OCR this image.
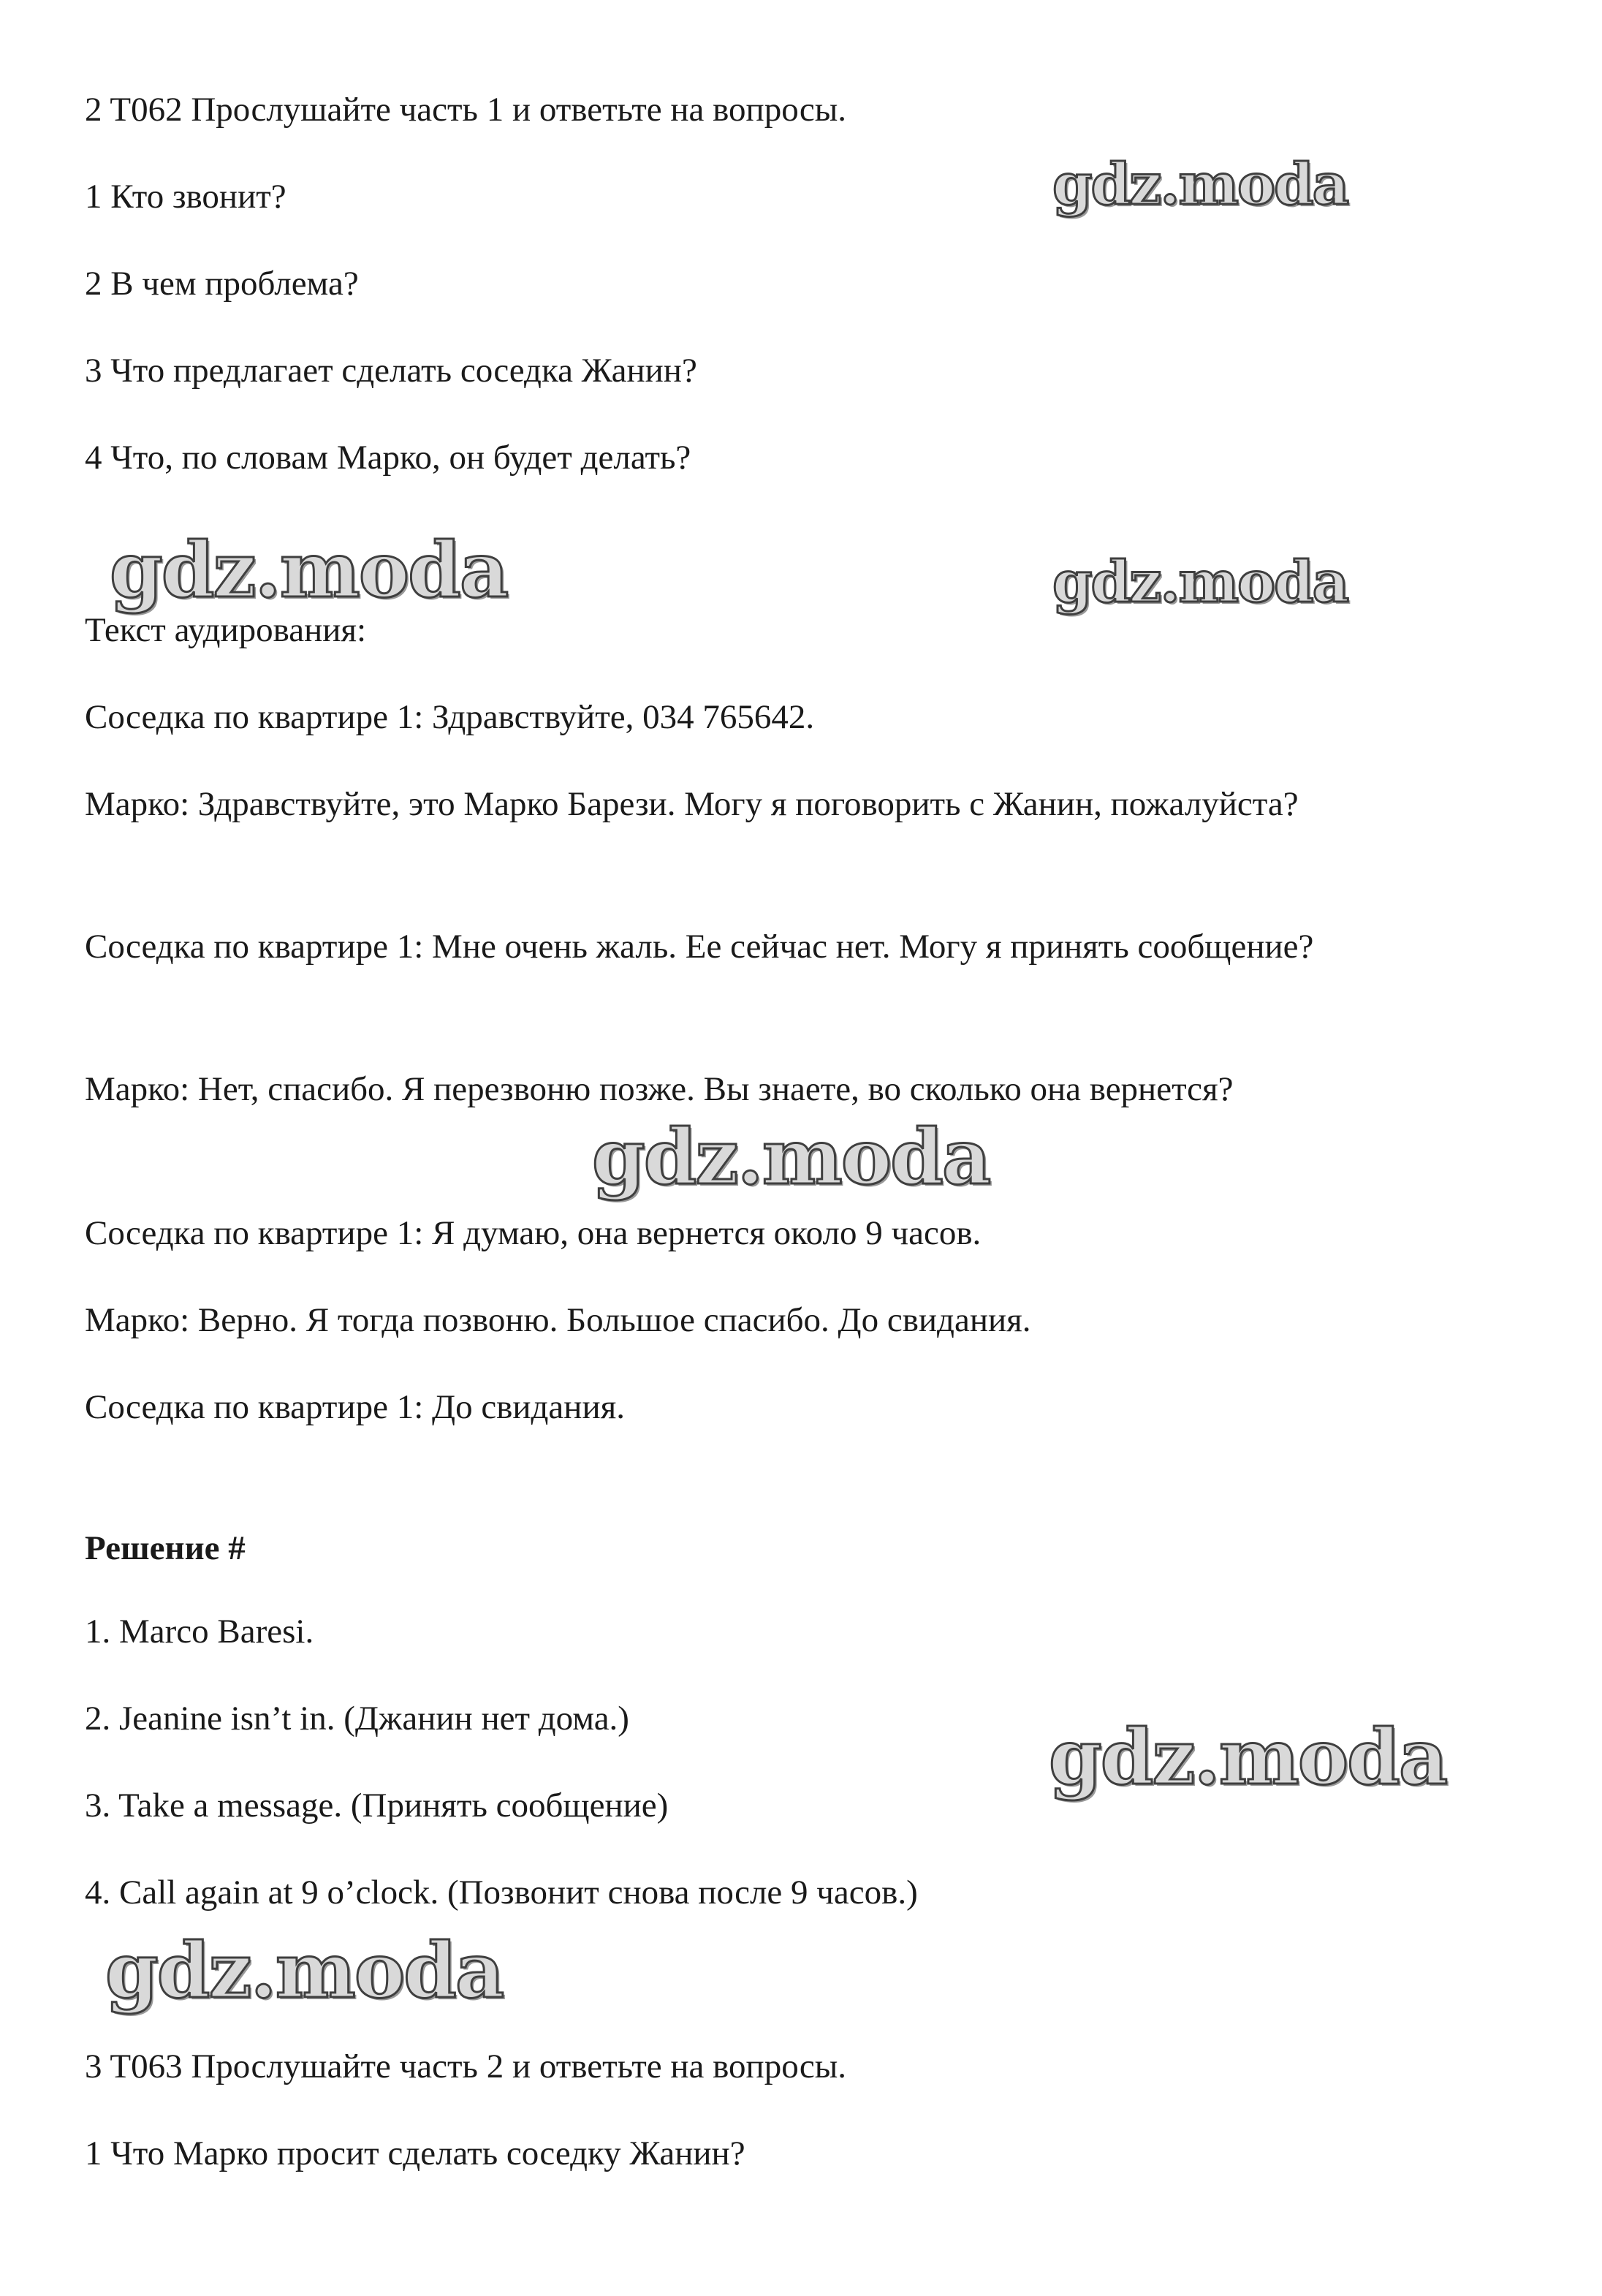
2 T062 Прослушайте часть 1 и ответьте на вопросы.

1 Кто звонит?

2 В чем проблема?

3 Что предлагает сделать соседка Жанин?

4 Что, по словам Марко, он будет делать?

Текст аудирования:

Соседка по квартире 1: Здравствуйте, 034 765642.

Марко: Здравствуйте, это Марко Барези. Могу я поговорить с Жанин, пожалуйста?

Соседка по квартире 1: Мне очень жаль. Ее сейчас нет. Могу я принять сообщение?

Марко: Нет, спасибо. Я перезвоню позже. Вы знаете, во сколько она вернется?

Соседка по квартире 1: Я думаю, она вернется около 9 часов.

Марко: Верно. Я тогда позвоню. Большое спасибо. До свидания.

Соседка по квартире 1: До свидания.

Решение #

1. Marco Baresi.

2. Jeanine isn’t in. (Джанин нет дома.)

3. Take a message. (Принять сообщение)

4. Call again at 9 o’clock. (Позвонит снова после 9 часов.)

3 T063 Прослушайте часть 2 и ответьте на вопросы.

1 Что Марко просит сделать соседку Жанин?

gdz.moda
gdz.moda	gdz.moda
gdz.moda
gdz.moda
gdz.moda
